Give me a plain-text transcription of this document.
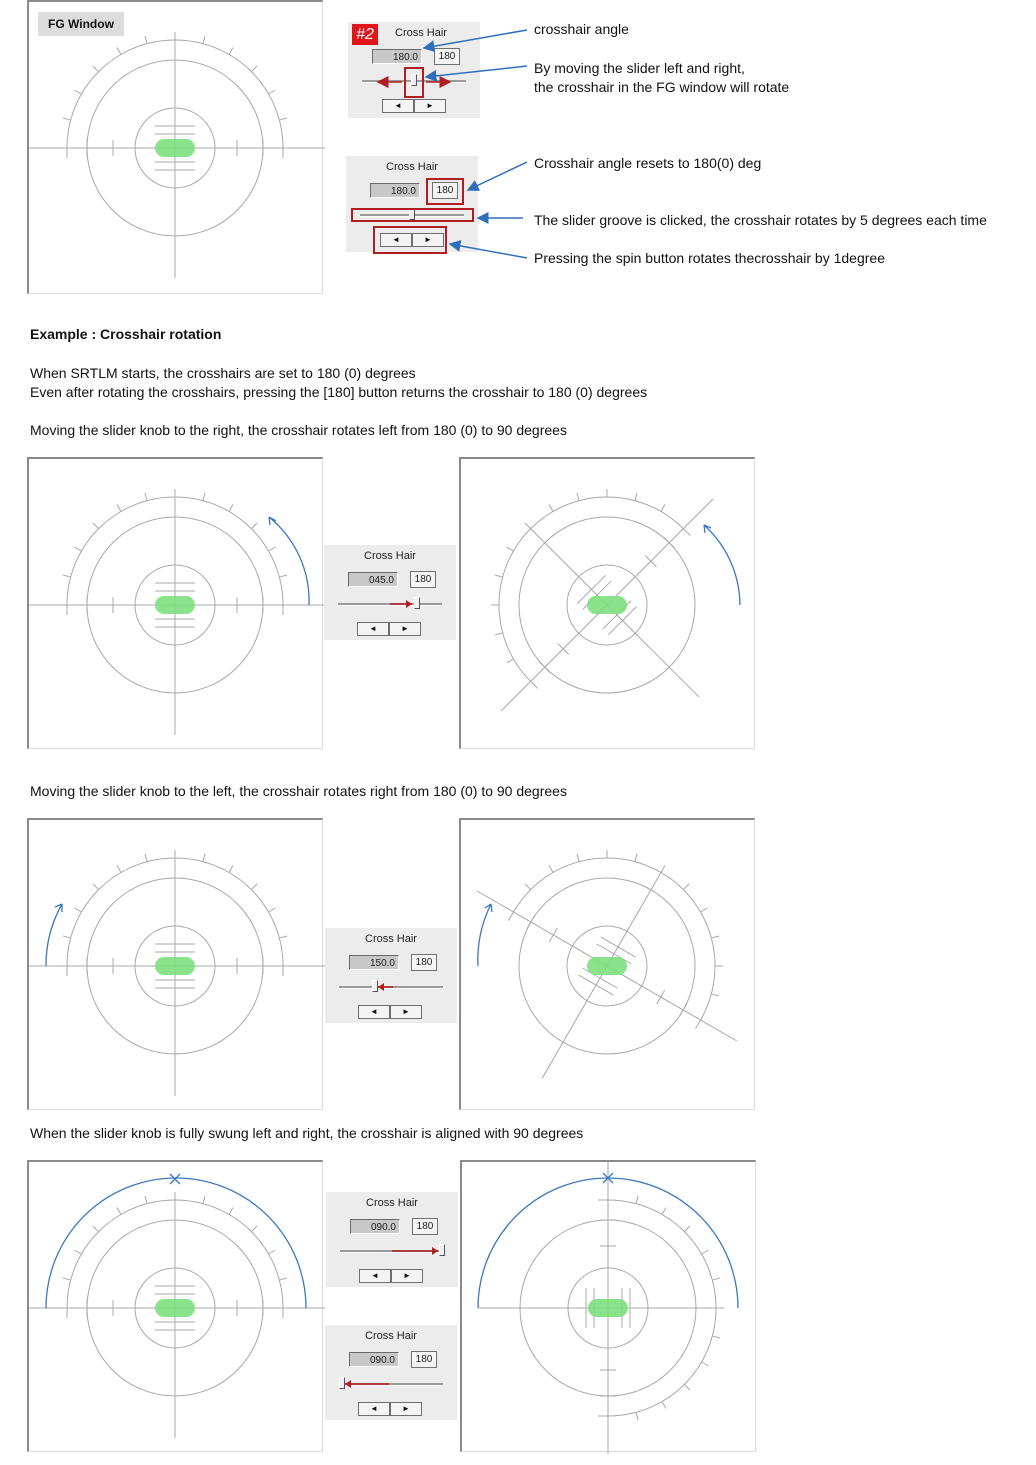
FG Window
Cross Hair
180.0	180
◄	►
#2
Cross Hair
180.0	180
◄	►
crosshair angle
By moving the slider left and right,
the crosshair in the FG window will rotate
Crosshair angle resets to 180(0) deg
The slider groove is clicked, the crosshair rotates by 5 degrees each time
Pressing the spin button rotates thecrosshair by 1degree
Example : Crosshair rotation
When SRTLM starts, the crosshairs are set to 180 (0) degrees
Even after rotating the crosshairs, pressing the [180] button returns the crosshair to 180 (0) degrees
Moving the slider knob to the right, the crosshair rotates left from 180 (0) to 90 degrees
Cross Hair
045.0	180
◄	►
Moving the slider knob to the left, the crosshair rotates right from 180 (0) to 90 degrees
Cross Hair
150.0	180
◄	►
When the slider knob is fully swung left and right, the crosshair is aligned with 90 degrees
Cross Hair
090.0	180
◄	►
Cross Hair
090.0	180
◄	►
